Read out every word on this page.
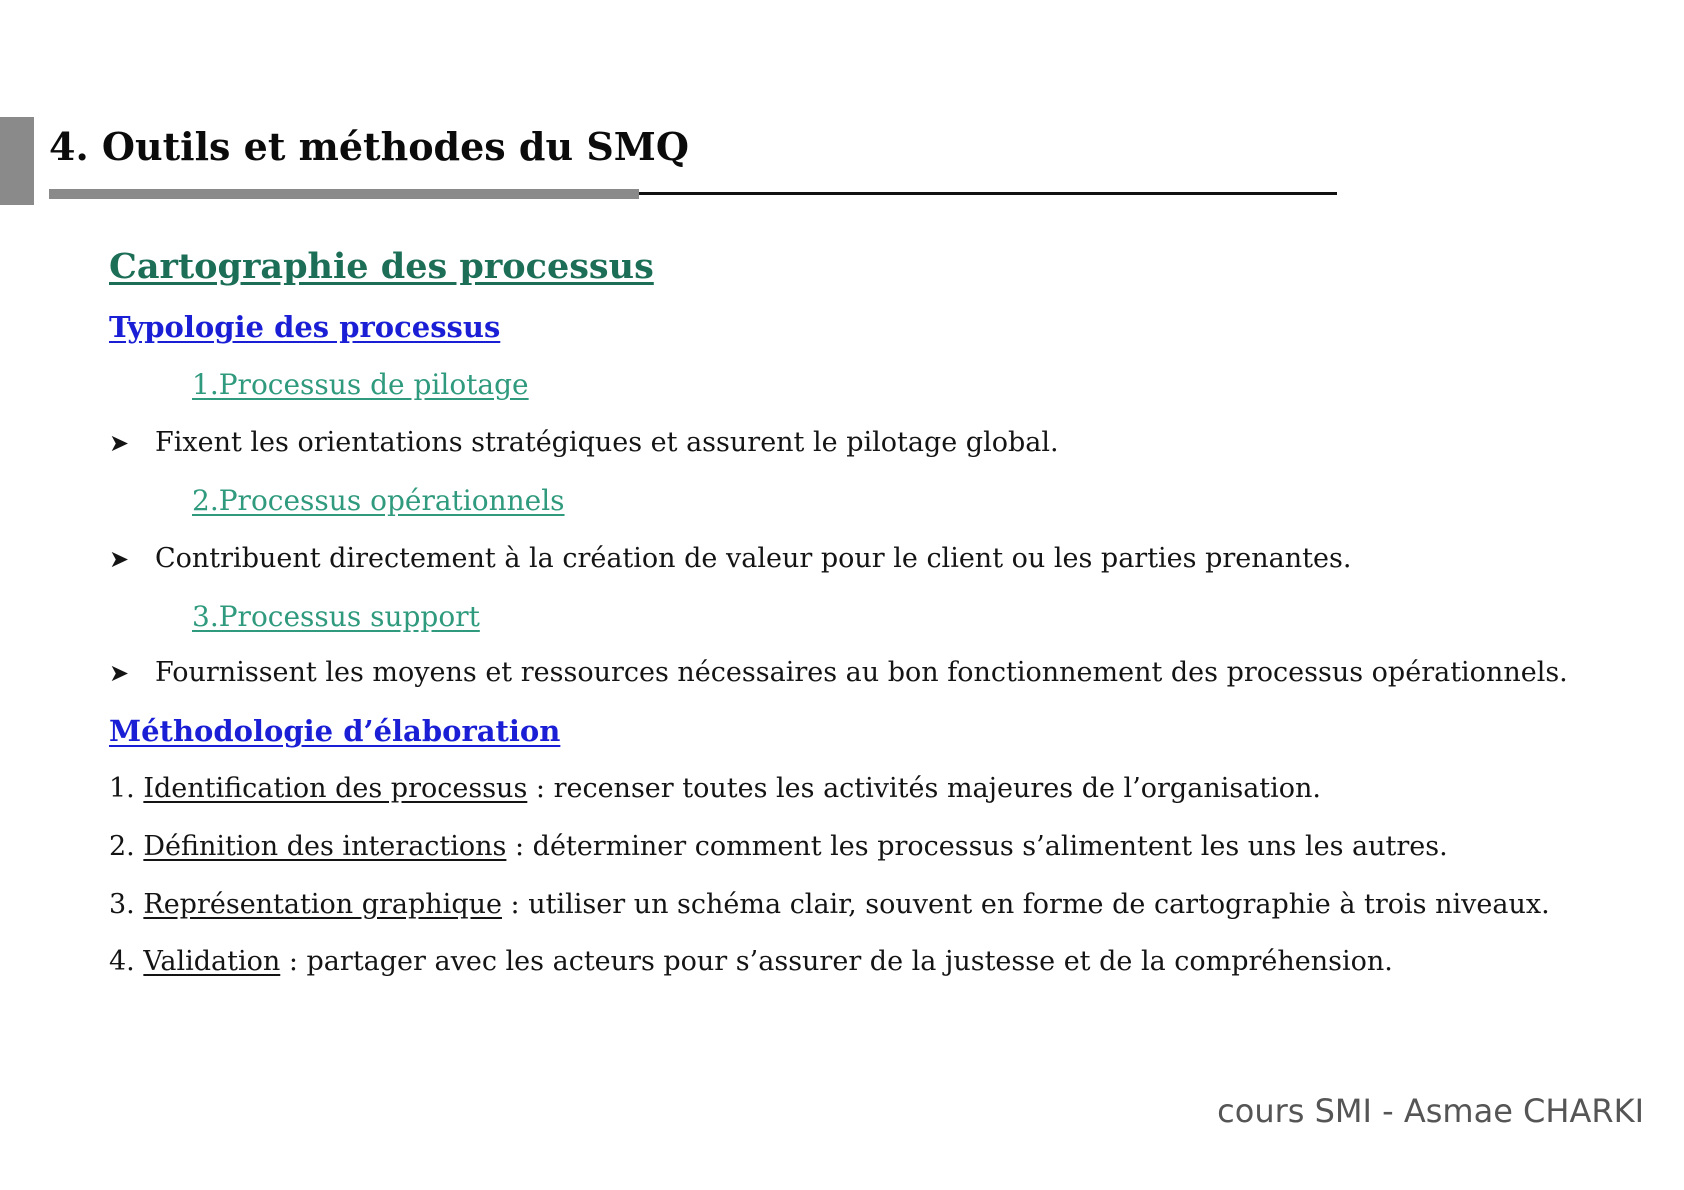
4. Outils et méthodes du SMQ
Cartographie des processus
Typologie des processus
1.Processus de pilotage
➤ Fixent les orientations stratégiques et assurent le pilotage global.
2.Processus opérationnels
➤ Contribuent directement à la création de valeur pour le client ou les parties prenantes.
3.Processus support
➤ Fournissent les moyens et ressources nécessaires au bon fonctionnement des processus opérationnels.
Méthodologie d’élaboration
1. Identification des processus : recenser toutes les activités majeures de l’organisation.
2. Définition des interactions : déterminer comment les processus s’alimentent les uns les autres.
3. Représentation graphique : utiliser un schéma clair, souvent en forme de cartographie à trois niveaux.
4. Validation : partager avec les acteurs pour s’assurer de la justesse et de la compréhension.
cours SMI - Asmae CHARKI
